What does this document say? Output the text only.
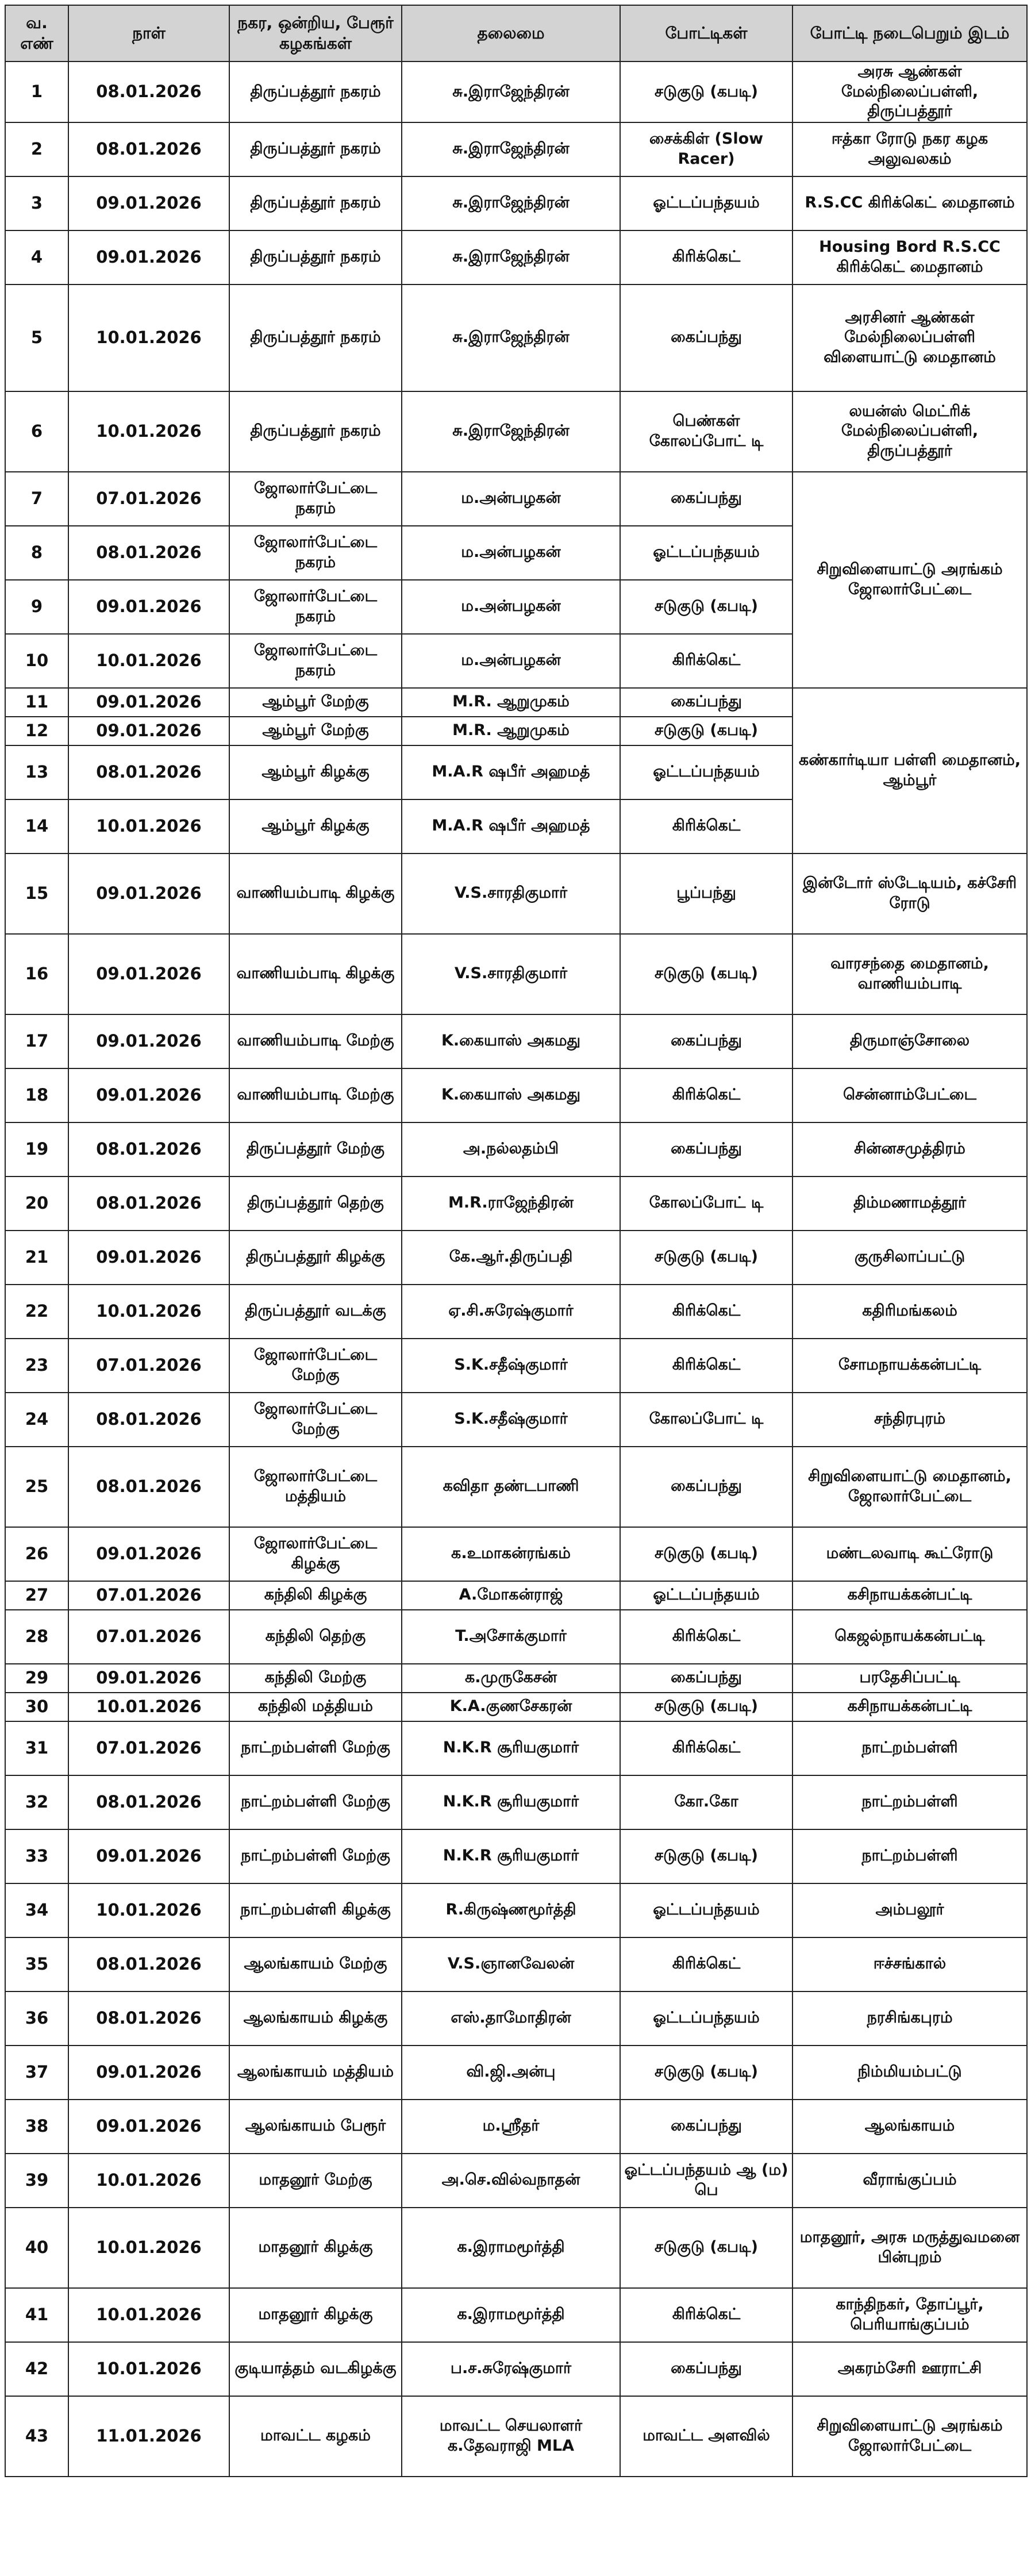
வ. எண்	நாள்	நகர, ஒன்றிய, பேரூர் கழகங்கள்	தலைமை	போட்டிகள்	போட்டி நடைபெறும் இடம்
1	08.01.2026	திருப்பத்தூர் நகரம்	சு.இராஜேந்திரன்	சடுகுடு (கபடி)	அரசு ஆண்கள் மேல்நிலைப்பள்ளி, திருப்பத்தூர்
2	08.01.2026	திருப்பத்தூர் நகரம்	சு.இராஜேந்திரன்	சைக்கிள் (Slow Racer)	ஈத்கா ரோடு நகர கழக அலுவலகம்
3	09.01.2026	திருப்பத்தூர் நகரம்	சு.இராஜேந்திரன்	ஓட்டப்பந்தயம்	R.S.CC கிரிக்கெட் மைதானம்
4	09.01.2026	திருப்பத்தூர் நகரம்	சு.இராஜேந்திரன்	கிரிக்கெட்	Housing Bord R.S.CC கிரிக்கெட் மைதானம்
5	10.01.2026	திருப்பத்தூர் நகரம்	சு.இராஜேந்திரன்	கைப்பந்து	அரசினர் ஆண்கள் மேல்நிலைப்பள்ளி விளையாட்டு மைதானம்
6	10.01.2026	திருப்பத்தூர் நகரம்	சு.இராஜேந்திரன்	பெண்கள் கோலப்போட் டி	லயன்ஸ் மெட்ரிக் மேல்நிலைப்பள்ளி, திருப்பத்தூர்
7	07.01.2026	ஜோலார்பேட்டை நகரம்	ம.அன்பழகன்	கைப்பந்து	சிறுவிளையாட்டு அரங்கம் ஜோலார்பேட்டை
8	08.01.2026	ஜோலார்பேட்டை நகரம்	ம.அன்பழகன்	ஓட்டப்பந்தயம்	
9	09.01.2026	ஜோலார்பேட்டை நகரம்	ம.அன்பழகன்	சடுகுடு (கபடி)	
10	10.01.2026	ஜோலார்பேட்டை நகரம்	ம.அன்பழகன்	கிரிக்கெட்	
11	09.01.2026	ஆம்பூர் மேற்கு	M.R. ஆறுமுகம்	கைப்பந்து	கண்கார்டியா பள்ளி மைதானம், ஆம்பூர்
12	09.01.2026	ஆம்பூர் மேற்கு	M.R. ஆறுமுகம்	சடுகுடு (கபடி)	
13	08.01.2026	ஆம்பூர் கிழக்கு	M.A.R ஷபீர் அஹமத்	ஓட்டப்பந்தயம்	
14	10.01.2026	ஆம்பூர் கிழக்கு	M.A.R ஷபீர் அஹமத்	கிரிக்கெட்	
15	09.01.2026	வாணியம்பாடி கிழக்கு	V.S.சாரதிகுமார்	பூப்பந்து	இன்டோர் ஸ்டேடியம், கச்சேரி ரோடு
16	09.01.2026	வாணியம்பாடி கிழக்கு	V.S.சாரதிகுமார்	சடுகுடு (கபடி)	வாரசந்தை மைதானம், வாணியம்பாடி
17	09.01.2026	வாணியம்பாடி மேற்கு	K.கையாஸ் அகமது	கைப்பந்து	திருமாஞ்சோலை
18	09.01.2026	வாணியம்பாடி மேற்கு	K.கையாஸ் அகமது	கிரிக்கெட்	சென்னாம்பேட்டை
19	08.01.2026	திருப்பத்தூர் மேற்கு	அ.நல்லதம்பி	கைப்பந்து	சின்னசமுத்திரம்
20	08.01.2026	திருப்பத்தூர் தெற்கு	M.R.ராஜேந்திரன்	கோலப்போட் டி	திம்மணாமத்தூர்
21	09.01.2026	திருப்பத்தூர் கிழக்கு	கே.ஆர்.திருப்பதி	சடுகுடு (கபடி)	குருசிலாப்பட்டு
22	10.01.2026	திருப்பத்தூர் வடக்கு	ஏ.சி.சுரேஷ்குமார்	கிரிக்கெட்	கதிரிமங்கலம்
23	07.01.2026	ஜோலார்பேட்டை மேற்கு	S.K.சதீஷ்குமார்	கிரிக்கெட்	சோமநாயக்கன்பட்டி
24	08.01.2026	ஜோலார்பேட்டை மேற்கு	S.K.சதீஷ்குமார்	கோலப்போட் டி	சந்திரபுரம்
25	08.01.2026	ஜோலார்பேட்டை மத்தியம்	கவிதா தண்டபாணி	கைப்பந்து	சிறுவிளையாட்டு மைதானம், ஜோலார்பேட்டை
26	09.01.2026	ஜோலார்பேட்டை கிழக்கு	க.உமாகன்ரங்கம்	சடுகுடு (கபடி)	மண்டலவாடி கூட்ரோடு
27	07.01.2026	கந்திலி கிழக்கு	A.மோகன்ராஜ்	ஓட்டப்பந்தயம்	கசிநாயக்கன்பட்டி
28	07.01.2026	கந்திலி தெற்கு	T.அசோக்குமார்	கிரிக்கெட்	கெஜல்நாயக்கன்பட்டி
29	09.01.2026	கந்திலி மேற்கு	க.முருகேசன்	கைப்பந்து	பரதேசிப்பட்டி
30	10.01.2026	கந்திலி மத்தியம்	K.A.குணசேகரன்	சடுகுடு (கபடி)	கசிநாயக்கன்பட்டி
31	07.01.2026	நாட்றம்பள்ளி மேற்கு	N.K.R சூரியகுமார்	கிரிக்கெட்	நாட்றம்பள்ளி
32	08.01.2026	நாட்றம்பள்ளி மேற்கு	N.K.R சூரியகுமார்	கோ.கோ	நாட்றம்பள்ளி
33	09.01.2026	நாட்றம்பள்ளி மேற்கு	N.K.R சூரியகுமார்	சடுகுடு (கபடி)	நாட்றம்பள்ளி
34	10.01.2026	நாட்றம்பள்ளி கிழக்கு	R.கிருஷ்ணமூர்த்தி	ஓட்டப்பந்தயம்	அம்பலூர்
35	08.01.2026	ஆலங்காயம் மேற்கு	V.S.ஞானவேலன்	கிரிக்கெட்	ஈச்சங்கால்
36	08.01.2026	ஆலங்காயம் கிழக்கு	எஸ்.தாமோதிரன்	ஓட்டப்பந்தயம்	நரசிங்கபுரம்
37	09.01.2026	ஆலங்காயம் மத்தியம்	வி.ஜி.அன்பு	சடுகுடு (கபடி)	நிம்மியம்பட்டு
38	09.01.2026	ஆலங்காயம் பேரூர்	ம.ஸ்ரீதர்	கைப்பந்து	ஆலங்காயம்
39	10.01.2026	மாதனூர் மேற்கு	அ.செ.வில்வநாதன்	ஓட்டப்பந்தயம் ஆ (ம) பெ	வீராங்குப்பம்
40	10.01.2026	மாதனூர் கிழக்கு	க.இராமமூர்த்தி	சடுகுடு (கபடி)	மாதனூர், அரசு மருத்துவமனை பின்புறம்
41	10.01.2026	மாதனூர் கிழக்கு	க.இராமமூர்த்தி	கிரிக்கெட்	காந்திநகர், தோப்பூர், பெரியாங்குப்பம்
42	10.01.2026	குடியாத்தம் வடகிழக்கு	ப.ச.சுரேஷ்குமார்	கைப்பந்து	அகரம்சேரி ஊராட்சி
43	11.01.2026	மாவட்ட கழகம்	மாவட்ட செயலாளர் க.தேவராஜி MLA	மாவட்ட அளவில்	சிறுவிளையாட்டு அரங்கம் ஜோலார்பேட்டை
